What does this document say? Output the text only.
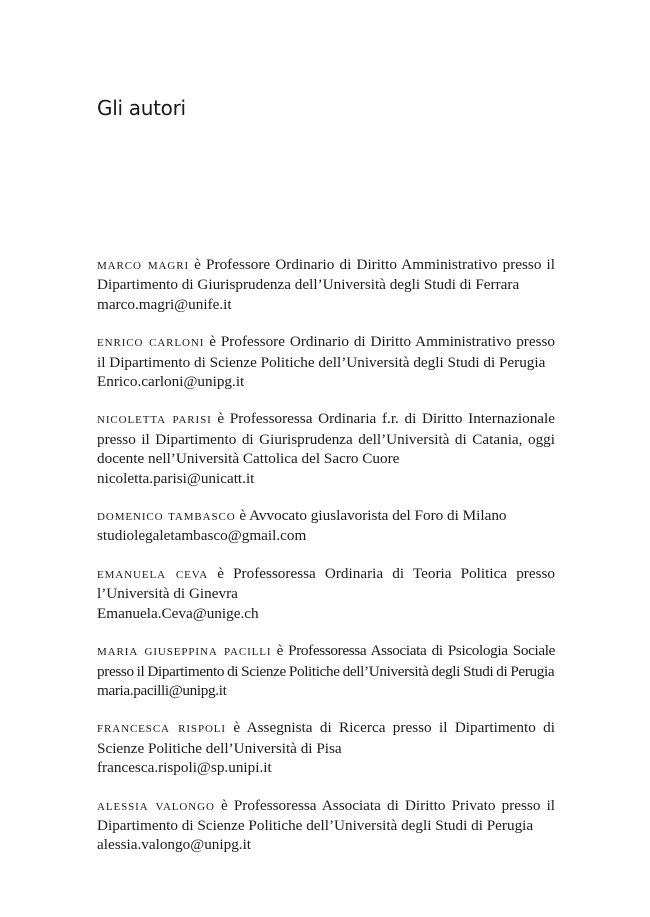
Gli autori

marco magri è Professore Ordinario di Diritto Amministrativo presso il Dipartimento di Giurisprudenza dell’Università degli Studi di Ferrara
marco.magri@unife.it

enrico carloni è Professore Ordinario di Diritto Amministrativo presso il Dipartimento di Scienze Politiche dell’Università degli Studi di Perugia
Enrico.carloni@unipg.it

nicoletta parisi è Professoressa Ordinaria f.r. di Diritto Internazionale presso il Dipartimento di Giurisprudenza dell’Università di Catania, oggi docente nell’Università Cattolica del Sacro Cuore
nicoletta.parisi@unicatt.it

domenico tambasco è Avvocato giuslavorista del Foro di Milano
studiolegaletambasco@gmail.com

emanuela ceva è Professoressa Ordinaria di Teoria Politica presso l’Università di Ginevra
Emanuela.Ceva@unige.ch

maria giuseppina pacilli è Professoressa Associata di Psicologia Sociale presso il Dipartimento di Scienze Politiche dell’Università degli Studi di Perugia
maria.pacilli@unipg.it

francesca rispoli è Assegnista di Ricerca presso il Dipartimento di Scienze Politiche dell’Università di Pisa
francesca.rispoli@sp.unipi.it

alessia valongo è Professoressa Associata di Diritto Privato presso il Dipartimento di Scienze Politiche dell’Università degli Studi di Perugia
alessia.valongo@unipg.it
